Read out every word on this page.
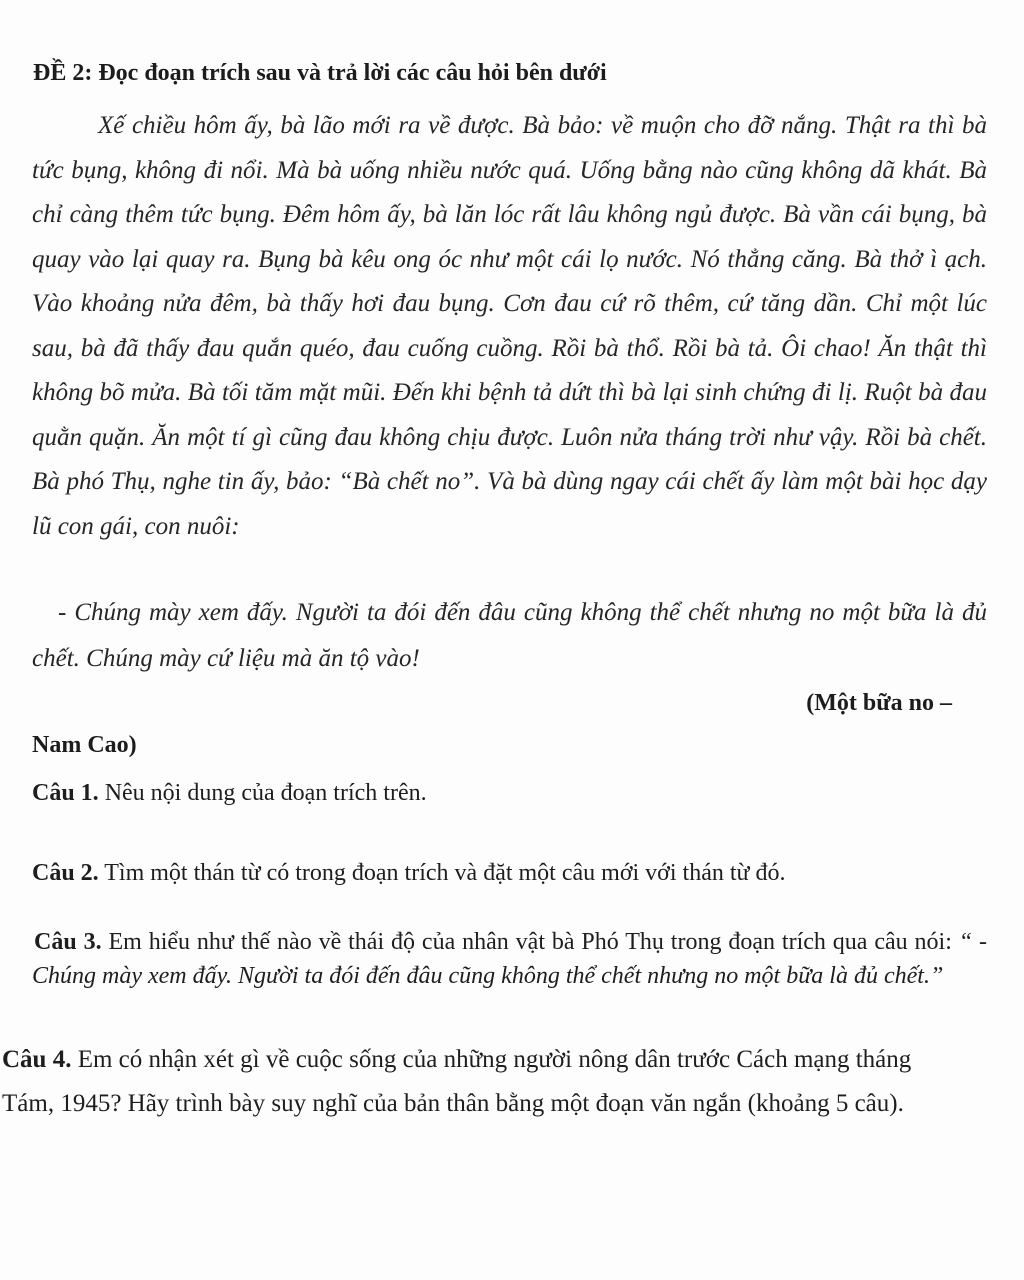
ĐỀ 2: Đọc đoạn trích sau và trả lời các câu hỏi bên dưới
Xế chiều hôm ấy, bà lão mới ra về được. Bà bảo: về muộn cho đỡ nắng. Thật ra thì bà tức bụng, không đi nổi. Mà bà uống nhiều nước quá. Uống bằng nào cũng không dã khát. Bà chỉ càng thêm tức bụng. Đêm hôm ấy, bà lăn lóc rất lâu không ngủ được. Bà vần cái bụng, bà quay vào lại quay ra. Bụng bà kêu ong óc như một cái lọ nước. Nó thẳng căng. Bà thở ì ạch. Vào khoảng nửa đêm, bà thấy hơi đau bụng. Cơn đau cứ rõ thêm, cứ tăng dần. Chỉ một lúc sau, bà đã thấy đau quắn quéo, đau cuống cuồng. Rồi bà thổ. Rồi bà tả. Ôi chao! Ăn thật thì không bõ mửa. Bà tối tăm mặt mũi. Đến khi bệnh tả dứt thì bà lại sinh chứng đi lị. Ruột bà đau quằn quặn. Ăn một tí gì cũng đau không chịu được. Luôn nửa tháng trời như vậy. Rồi bà chết. Bà phó Thụ, nghe tin ấy, bảo: “Bà chết no”. Và bà dùng ngay cái chết ấy làm một bài học dạy lũ con gái, con nuôi:
- Chúng mày xem đấy. Người ta đói đến đâu cũng không thể chết nhưng no một bữa là đủ chết. Chúng mày cứ liệu mà ăn tộ vào!
(Một bữa no –
Nam Cao)
Câu 1. Nêu nội dung của đoạn trích trên.
Câu 2. Tìm một thán từ có trong đoạn trích và đặt một câu mới với thán từ đó.
Câu 3. Em hiểu như thế nào về thái độ của nhân vật bà Phó Thụ trong đoạn trích qua câu nói: “ - Chúng mày xem đấy. Người ta đói đến đâu cũng không thể chết nhưng no một bữa là đủ chết.”
Câu 4. Em có nhận xét gì về cuộc sống của những người nông dân trước Cách mạng tháng Tám, 1945? Hãy trình bày suy nghĩ của bản thân bằng một đoạn văn ngắn (khoảng 5 câu).
